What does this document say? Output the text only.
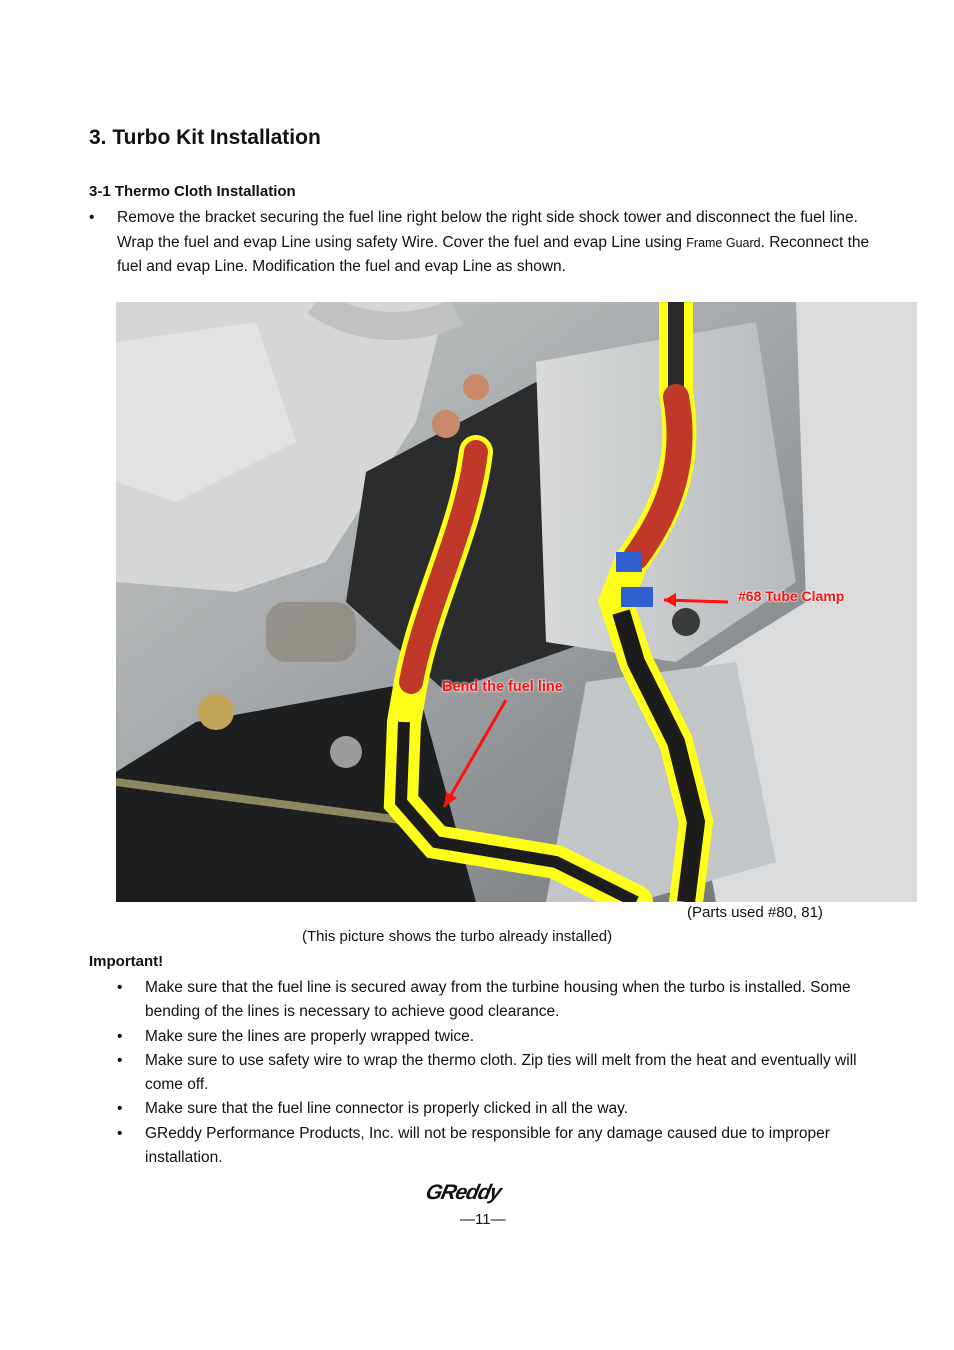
3. Turbo Kit Installation
3-1 Thermo Cloth Installation
• Remove the bracket securing the fuel line right below the right side shock tower and disconnect the fuel line. Wrap the fuel and evap Line using safety Wire. Cover the fuel and evap Line using Frame Guard. Reconnect the fuel and evap Line. Modification the fuel and evap Line as shown.
#68 Tube Clamp
Bend the fuel line
(Parts used #80, 81)
(This picture shows the turbo already installed)
Important!
• Make sure that the fuel line is secured away from the turbine housing when the turbo is installed. Some bending of the lines is necessary to achieve good clearance.
• Make sure the lines are properly wrapped twice.
• Make sure to use safety wire to wrap the thermo cloth. Zip ties will melt from the heat and eventually will come off.
• Make sure that the fuel line connector is properly clicked in all the way.
• GReddy Performance Products, Inc. will not be responsible for any damage caused due to improper installation.
GReddy
—11—
